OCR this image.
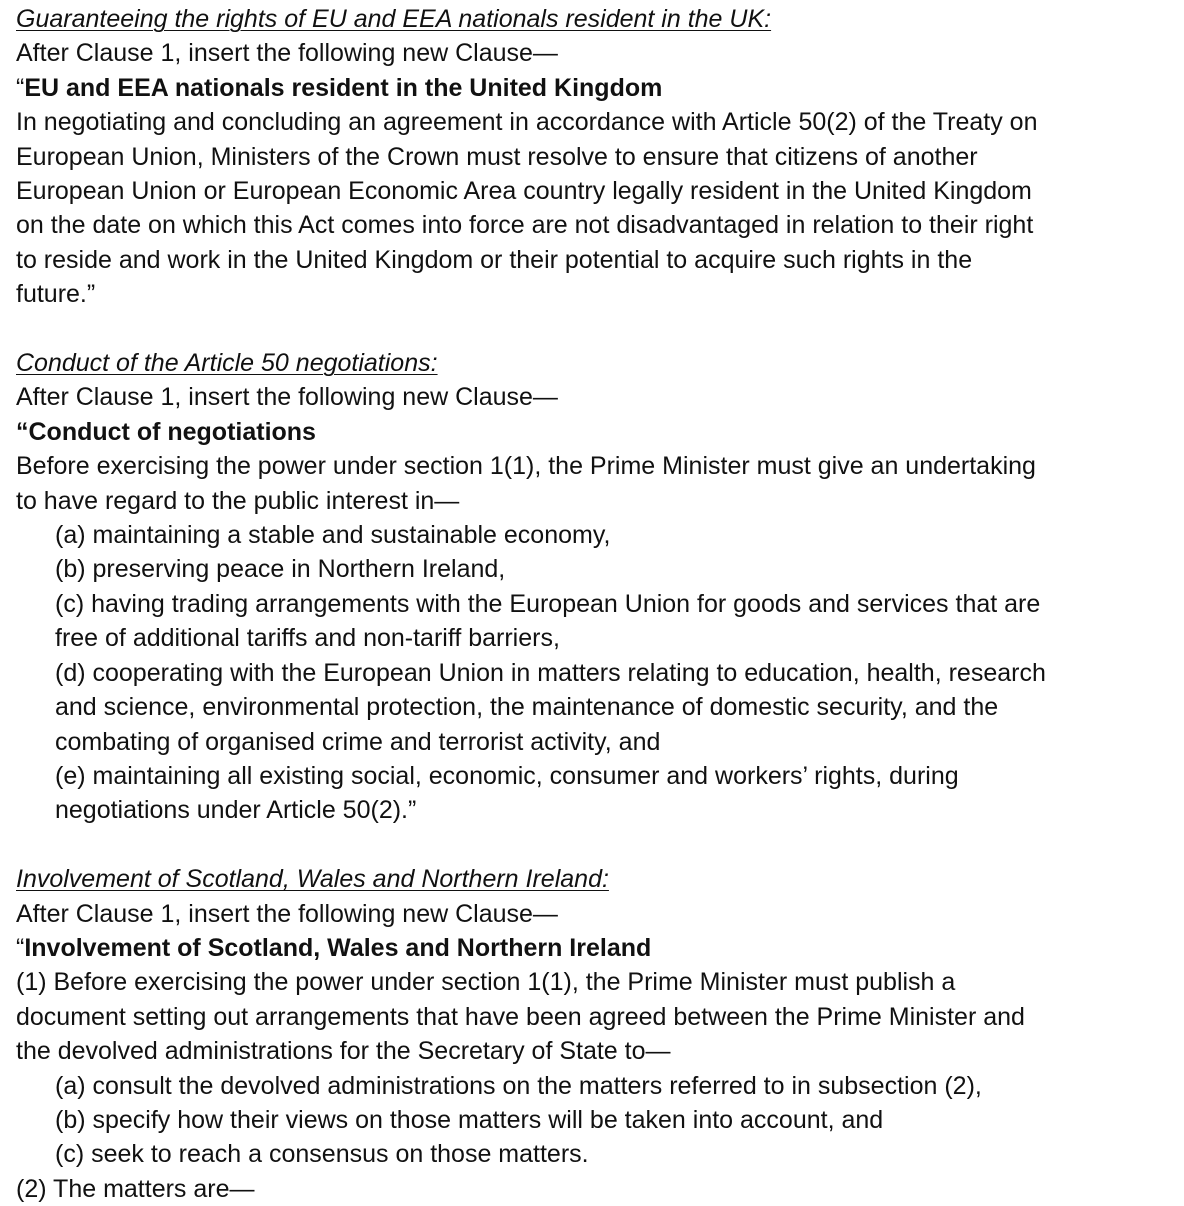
Guaranteeing the rights of EU and EEA nationals resident in the UK:
After Clause 1, insert the following new Clause—
“EU and EEA nationals resident in the United Kingdom
In negotiating and concluding an agreement in accordance with Article 50(2) of the Treaty on
European Union, Ministers of the Crown must resolve to ensure that citizens of another
European Union or European Economic Area country legally resident in the United Kingdom
on the date on which this Act comes into force are not disadvantaged in relation to their right
to reside and work in the United Kingdom or their potential to acquire such rights in the
future.”
Conduct of the Article 50 negotiations:
After Clause 1, insert the following new Clause—
“Conduct of negotiations
Before exercising the power under section 1(1), the Prime Minister must give an undertaking
to have regard to the public interest in—
(a) maintaining a stable and sustainable economy,
(b) preserving peace in Northern Ireland,
(c) having trading arrangements with the European Union for goods and services that are
free of additional tariffs and non-tariff barriers,
(d) cooperating with the European Union in matters relating to education, health, research
and science, environmental protection, the maintenance of domestic security, and the
combating of organised crime and terrorist activity, and
(e) maintaining all existing social, economic, consumer and workers’ rights, during
negotiations under Article 50(2).”
Involvement of Scotland, Wales and Northern Ireland:
After Clause 1, insert the following new Clause—
“Involvement of Scotland, Wales and Northern Ireland
(1) Before exercising the power under section 1(1), the Prime Minister must publish a
document setting out arrangements that have been agreed between the Prime Minister and
the devolved administrations for the Secretary of State to—
(a) consult the devolved administrations on the matters referred to in subsection (2),
(b) specify how their views on those matters will be taken into account, and
(c) seek to reach a consensus on those matters.
(2) The matters are—
